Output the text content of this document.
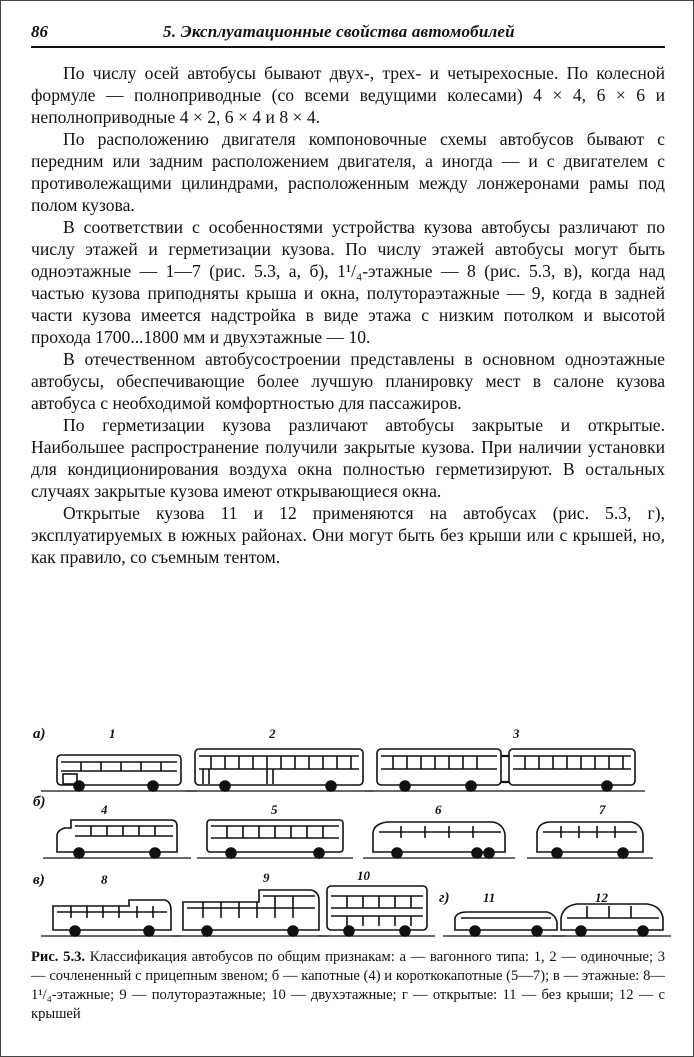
86	5. Эксплуатационные свойства автомобилей

По числу осей автобусы бывают двух-, трех- и четырехосные. По колесной формуле — полноприводные (со всеми ведущими колесами) 4 × 4, 6 × 6 и неполноприводные 4 × 2, 6 × 4 и 8 × 4.

По расположению двигателя компоновочные схемы автобусов бывают с передним или задним расположением двигателя, а иногда — и с двигателем с противолежащими цилиндрами, расположенным между лонжеронами рамы под полом кузова.

В соответствии с особенностями устройства кузова автобусы различают по числу этажей и герметизации кузова. По числу этажей автобусы могут быть одноэтажные — 1—7 (рис. 5.3, а, б), 1¹/₄-этажные — 8 (рис. 5.3, в), когда над частью кузова приподняты крыша и окна, полутораэтажные — 9, когда в задней части кузова имеется надстройка в виде этажа с низким потолком и высотой прохода 1700...1800 мм и двухэтажные — 10.

В отечественном автобусостроении представлены в основном одноэтажные автобусы, обеспечивающие более лучшую планировку мест в салоне кузова автобуса с необходимой комфортностью для пассажиров.

По герметизации кузова различают автобусы закрытые и открытые. Наибольшее распространение получили закрытые кузова. При наличии установки для кондиционирования воздуха окна полностью герметизируют. В остальных случаях закрытые кузова имеют открывающиеся окна.

Открытые кузова 11 и 12 применяются на автобусах (рис. 5.3, г), эксплуатируемых в южных районах. Они могут быть без крыши или с крышей, но, как правило, со съемным тентом.

а)	1	2	3
б)	4	5	6	7
в)	8	9	10
г)	11	12
Рис. 5.3. Классификация автобусов по общим признакам: а — вагонного типа: 1, 2 — одиночные; 3 — сочлененный с прицепным звеном; б — капотные (4) и короткокапотные (5—7); в — этажные: 8—1¹/₄-этажные; 9 — полутораэтажные; 10 — двухэтажные; г — открытые: 11 — без крыши; 12 — с крышей
